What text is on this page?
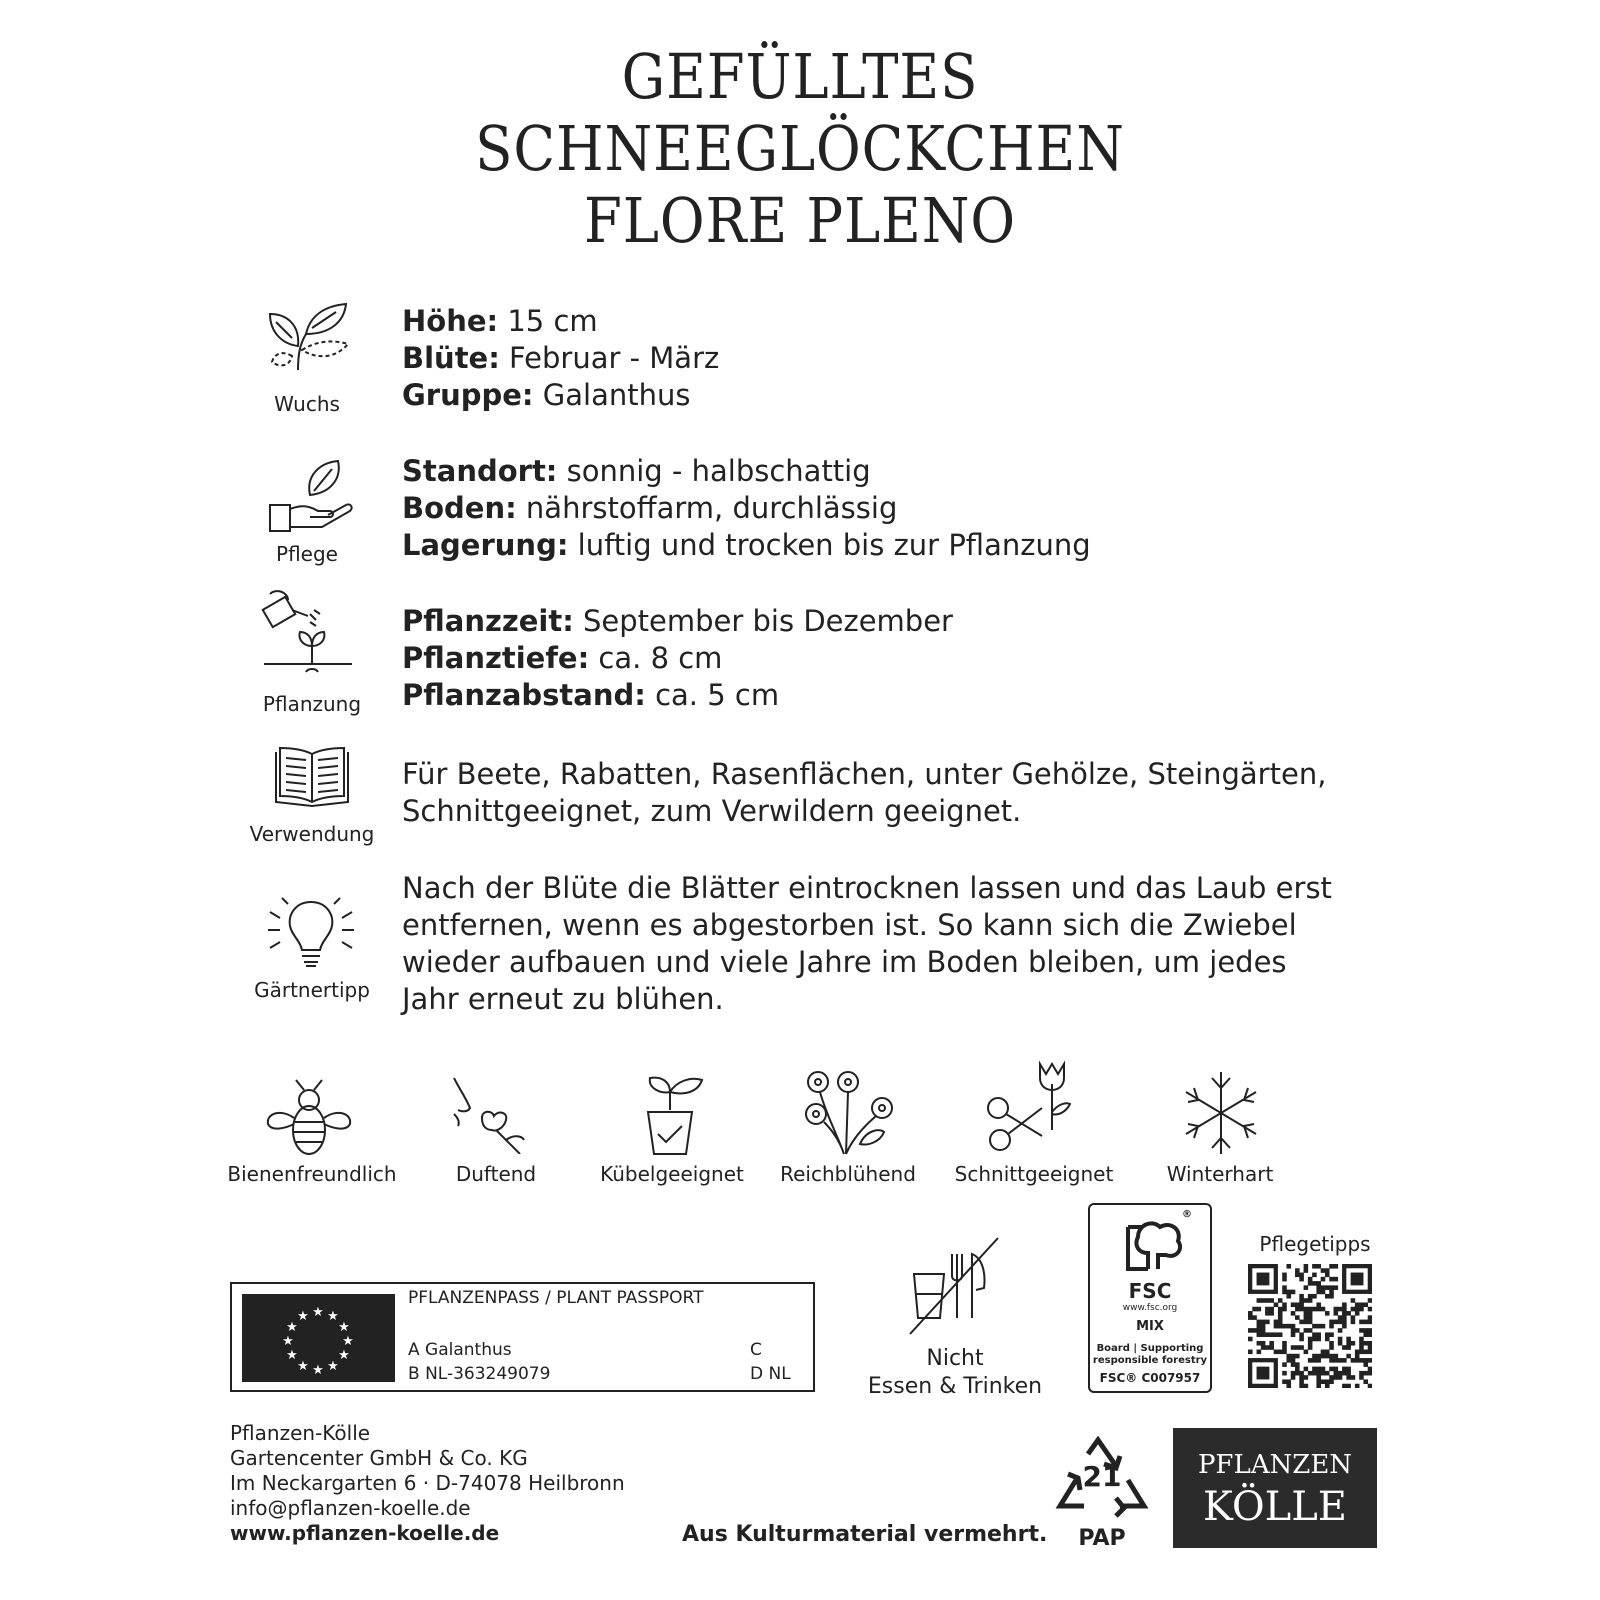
GEFÜLLTES
SCHNEEGLÖCKCHEN
FLORE PLENO
Wuchs
Höhe: 15 cm
Blüte: Februar - März
Gruppe: Galanthus
Pflege
Standort: sonnig - halbschattig
Boden: nährstoffarm, durchlässig
Lagerung: luftig und trocken bis zur Pflanzung
Pflanzung
Pflanzzeit: September bis Dezember
Pflanztiefe: ca. 8 cm
Pflanzabstand: ca. 5 cm
Verwendung
Für Beete, Rabatten, Rasenflächen, unter Gehölze, Steingärten, Schnittgeeignet, zum Verwildern geeignet.
Gärtnertipp
Nach der Blüte die Blätter eintrocknen lassen und das Laub erst entfernen, wenn es abgestorben ist. So kann sich die Zwiebel wieder aufbauen und viele Jahre im Boden bleiben, um jedes Jahr erneut zu blühen.
Bienenfreundlich	Duftend	Kübelgeeignet	Reichblühend	Schnittgeeignet	Winterhart
★ ★
★
★
★
★
★
★
★
★
★
★
PFLANZENPASS / PLANT PASSPORT
A Galanthus
B NL-363249079
C
D NL
Nicht
Essen & Trinken
®
FSC
www.fsc.org
MIX
Board | Supporting
responsible forestry
FSC® C007957
Pflegetipps
Pflanzen-Kölle
Gartencenter GmbH & Co. KG
Im Neckargarten 6 · D-74078 Heilbronn
info@pflanzen-koelle.de
www.pflanzen-koelle.de	Aus Kulturmaterial vermehrt.
21
PAP
PFLANZEN
KÖLLE
